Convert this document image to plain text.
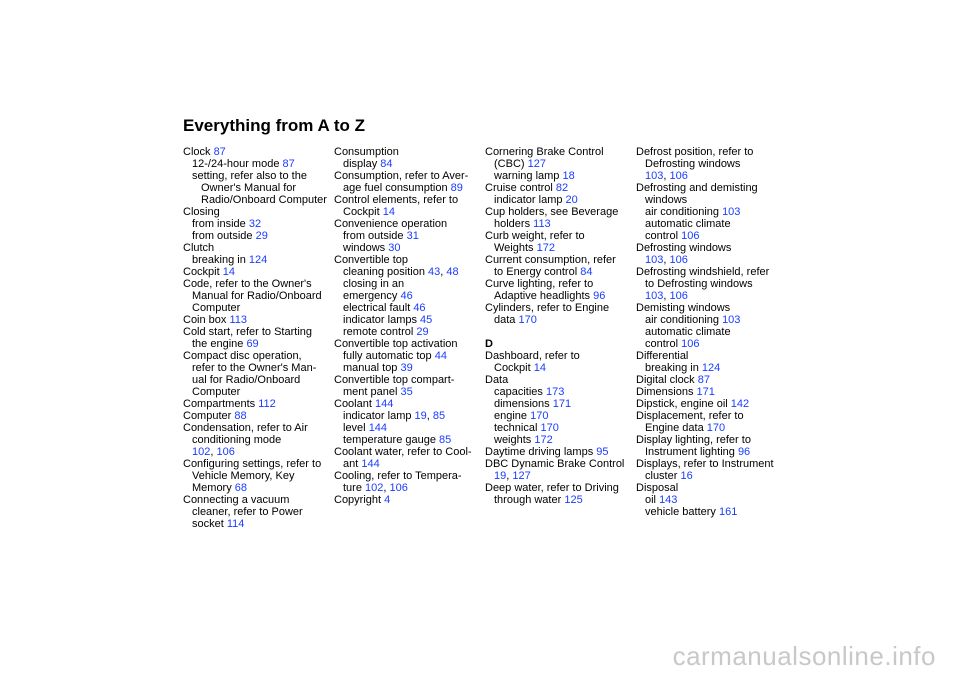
Everything from A to Z
Clock 87
12-/24-hour mode 87
setting, refer also to the
Owner's Manual for
Radio/Onboard Computer
Closing
from inside 32
from outside 29
Clutch
breaking in 124
Cockpit 14
Code, refer to the Owner's
Manual for Radio/Onboard
Computer
Coin box 113
Cold start, refer to Starting
the engine 69
Compact disc operation,
refer to the Owner's Man-
ual for Radio/Onboard
Computer
Compartments 112
Computer 88
Condensation, refer to Air
conditioning mode
102, 106
Configuring settings, refer to
Vehicle Memory, Key
Memory 68
Connecting a vacuum
cleaner, refer to Power
socket 114
Consumption
display 84
Consumption, refer to Aver-
age fuel consumption 89
Control elements, refer to
Cockpit 14
Convenience operation
from outside 31
windows 30
Convertible top
cleaning position 43, 48
closing in an
emergency 46
electrical fault 46
indicator lamps 45
remote control 29
Convertible top activation
fully automatic top 44
manual top 39
Convertible top compart-
ment panel 35
Coolant 144
indicator lamp 19, 85
level 144
temperature gauge 85
Coolant water, refer to Cool-
ant 144
Cooling, refer to Tempera-
ture 102, 106
Copyright 4
Cornering Brake Control
(CBC) 127
warning lamp 18
Cruise control 82
indicator lamp 20
Cup holders, see Beverage
holders 113
Curb weight, refer to
Weights 172
Current consumption, refer
to Energy control 84
Curve lighting, refer to
Adaptive headlights 96
Cylinders, refer to Engine
data 170
D
Dashboard, refer to
Cockpit 14
Data
capacities 173
dimensions 171
engine 170
technical 170
weights 172
Daytime driving lamps 95
DBC Dynamic Brake Control
19, 127
Deep water, refer to Driving
through water 125
Defrost position, refer to
Defrosting windows
103, 106
Defrosting and demisting
windows
air conditioning 103
automatic climate
control 106
Defrosting windows
103, 106
Defrosting windshield, refer
to Defrosting windows
103, 106
Demisting windows
air conditioning 103
automatic climate
control 106
Differential
breaking in 124
Digital clock 87
Dimensions 171
Dipstick, engine oil 142
Displacement, refer to
Engine data 170
Display lighting, refer to
Instrument lighting 96
Displays, refer to Instrument
cluster 16
Disposal
oil 143
vehicle battery 161
carmanualsonline.info
